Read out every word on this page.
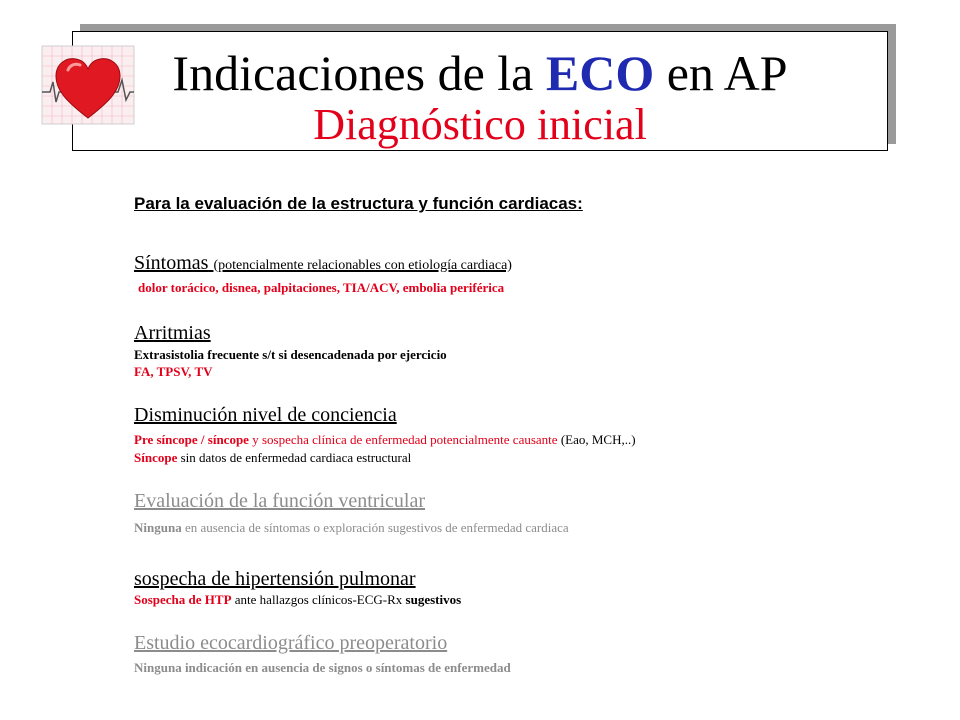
Indicaciones de la ECO en AP
Diagnóstico inicial
Para la evaluación de la estructura y función cardiacas:
Síntomas (potencialmente relacionables con etiología cardiaca)
dolor torácico, disnea, palpitaciones, TIA/ACV, embolia periférica
Arritmias
Extrasistolia frecuente s/t si desencadenada por ejercicio
FA, TPSV, TV
Disminución nivel de conciencia
Pre síncope / síncope y sospecha clínica de enfermedad potencialmente causante (Eao, MCH,..)
Síncope sin datos de enfermedad cardiaca estructural
Evaluación de la función ventricular
Ninguna en ausencia de síntomas o exploración sugestivos de enfermedad cardiaca
sospecha de hipertensión pulmonar
Sospecha de HTP ante hallazgos clínicos-ECG-Rx sugestivos
Estudio ecocardiográfico preoperatorio
Ninguna indicación en ausencia de signos o síntomas de enfermedad
